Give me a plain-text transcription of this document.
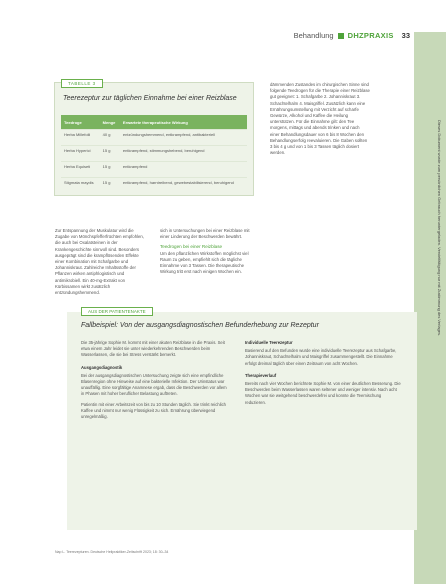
Behandlung DHZPRAXIS 33
Dieses Dokument wurde zum persönlichen Gebrauch heruntergeladen. Vervielfältigung nur mit Zustimmung des Verlages.
TABELLE 3
Teerezeptur zur täglichen Einnahme bei einer Reizblase
Teedroge	Menge	Erwartete therapeutische Wirkung
Herba Millefolii	40 g	entzündungshemmend, entkrampfend, antibakteriell
Herba Hyperici	15 g	entkrampfend, stimmungshebend, beruhigend
Herba Equiseti	15 g	entkrampfend
Stigmata maydis	15 g	entkrampfend, harntreibend, gewebestabilisierend, beruhigend

Zur Entspannung der Muskulatur wird die Zugabe von Mönchspfefferfrüchten empfohlen, die auch bei Oxalatsteinen in der Krankengeschichte sinnvoll sind. Besonders ausgeprägt sind die krampflösenden Effekte einer Kombination mit Schafgarbe und Johanniskraut. Zahlreiche Inhaltsstoffe der Pflanzen wirken antiphlogistisch und antimikrobiell. Ein 40-mg-Extrakt von Kürbissamen wirkt zusätzlich entzündungshemmend.

sich in Untersuchungen bei einer Reizblase mit einer Linderung der Beschwerden bewährt.

Teedrogen bei einer Reizblase

Um den pflanzlichen Wirkstoffen möglichst viel Raum zu geben, empfiehlt sich die tägliche Einnahme von 3 Tassen. Die therapeutische Wirkung tritt erst nach einigen Wochen ein.

dämmenden Zustandes im chirurgischen Sinne sind folgende Teedrogen für die Therapie einer Reizblase gut geeignet: 1. Schafgarbe 2. Johanniskraut 3. Schachtelhalm 4. Maisgriffel. Zusätzlich kann eine Ernährungsumstellung mit Verzicht auf scharfe Gewürze, Alkohol und Kaffee die Heilung unterstützen. Für die Einnahme gilt: den Tee morgens, mittags und abends trinken und nach einer Behandlungsdauer von 6 bis 8 Wochen den Behandlungserfolg reevaluieren. Die Gaben sollten 3 bis 4 g und von 1 bis 3 Tassen täglich dosiert werden.

AUS DER PATIENTENAKTE
Fallbeispiel: Von der ausgangsdiagnostischen Befunderhebung zur Rezeptur

Die 35-jährige Sophie M. kommt mit einer akuten Reizblase in die Praxis. Seit etwa einem Jahr leidet sie unter wiederkehrenden Beschwerden beim Wasserlassen, die sie bei Stress verstärkt bemerkt.

Ausgangsdiagnostik

Bei der ausgangsdiagnostischen Untersuchung zeigte sich eine empfindliche Blasenregion ohne Hinweise auf eine bakterielle Infektion. Der Urinstatus war unauffällig. Eine sorgfältige Anamnese ergab, dass die Beschwerden vor allem in Phasen mit hoher beruflicher Belastung auftreten.

Patientin mit einer Arbeitszeit von bis zu 10 Stunden täglich. Sie trinkt reichlich Kaffee und nimmt nur wenig Flüssigkeit zu sich. Ernährung überwiegend unregelmäßig.

Individuelle Teerezeptur

Basierend auf den Befunden wurde eine individuelle Teerezeptur aus Schafgarbe, Johanniskraut, Schachtelhalm und Maisgriffel zusammengestellt. Die Einnahme erfolgt dreimal täglich über einen Zeitraum von acht Wochen.

Therapieverlauf

Bereits nach vier Wochen berichtete Sophie M. von einer deutlichen Besserung. Die Beschwerden beim Wasserlassen waren seltener und weniger intensiv. Nach acht Wochen war sie weitgehend beschwerdefrei und konnte die Teemischung reduzieren.

Nap L. Teerezepturen. Deutsche Heilpraktiker-Zeitschrift 2023; 18: 30–34
